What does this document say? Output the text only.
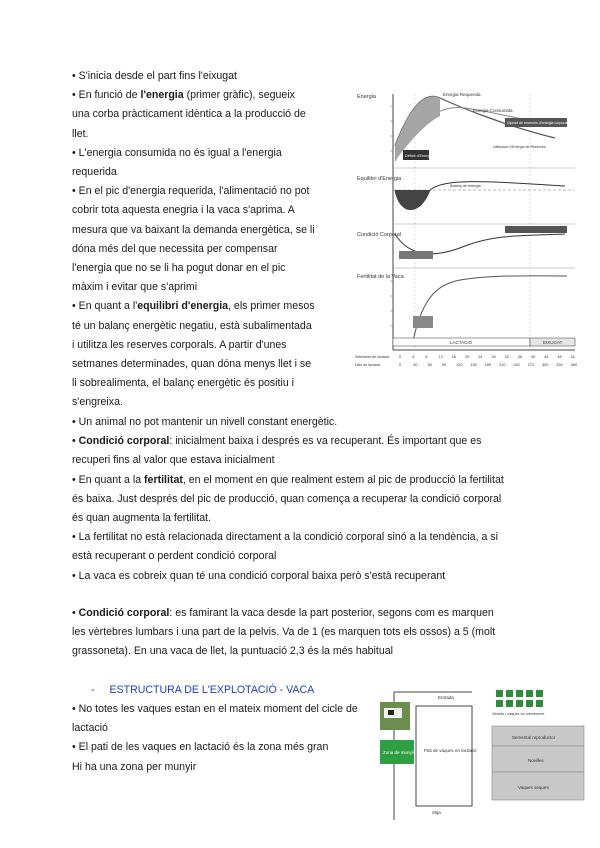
• S'inicia desde el part fins l'eixugat
• En funció de l'energia (primer gràfic), segueix
una corba pràcticament idèntica a la producció de
llet.
• L'energia consumida no és igual a l'energia
requerida
• En el pic d'energia requerida, l'alimentació no pot
cobrir tota aquesta enegria i la vaca s'aprima. A
mesura que va baixant la demanda energètica, se li
dóna més del que necessita per compensar
l'energia que no se li ha pogut donar en el pic
màxim i evitar que s'aprimi
• En quant a l'equilibri d'energia, els primer mesos
té un balanç energètic negatiu, està subalimentada
i utilitza les reserves corporals. A partir d'unes
setmanes determinades, quan dóna menys llet i se
li sobrealimenta, el balanç energètic és positiu i
s'engreixa.
Energia
Equilibri d'Energia
Condició Corporal
Fertilitat de la Vaca
Energia Requerida
Energia Consumida
Dipòsit de reserves d'energia corporal
Dèficit d'Energia
Utilització d'Energia de Reserves
Balanç de energia
LACTACIÓ	EIXUGAT
Setmanes de lactació
Dies de lactació
0	4	8	12 16 20 24 28 32 36 40 44 48 52
0	30	60	90	120 150 180 210 240 270 300 330 360
• Un animal no pot mantenir un nivell constant energètic.
• Condició corporal: inicialment baixa i després es va recuperant. És important que es
recuperi fins al valor que estava inicialment
• En quant a la fertilitat, en el moment en que realment estem al pic de producció la fertilitat
és baixa. Just després del pic de producció, quan comença a recuperar la condició corporal
és quan augmenta la fertilitat.
• La fertilitat no està relacionada directament a la condició corporal sinó a la tendència, a si
està recuperant o perdent condició corporal
• La vaca es cobreix quan té una condició corporal baixa però s'està recuperant
• Condició corporal: es famirant la vaca desde la part posterior, segons com es marquen
les vèrtebres lumbars i una part de la pelvis. Va de 1 (es marquen tots els ossos) a 5 (molt
grassoneta). En una vaca de llet, la puntuació 2,3 és la més habitual
- ESTRUCTURA DE L'EXPLOTACIÓ - VACA
• No totes les vaques estan en el mateix moment del cicle de
lactació
• El pati de les vaques en lactació és la zona més gran
Hi ha una zona per munyir
Entrada
Zona de munyir Pati de vaques en lactació
Sitja
Vedells i vaques en creixement
Semental reproductor
Novilles
Vaques seques
